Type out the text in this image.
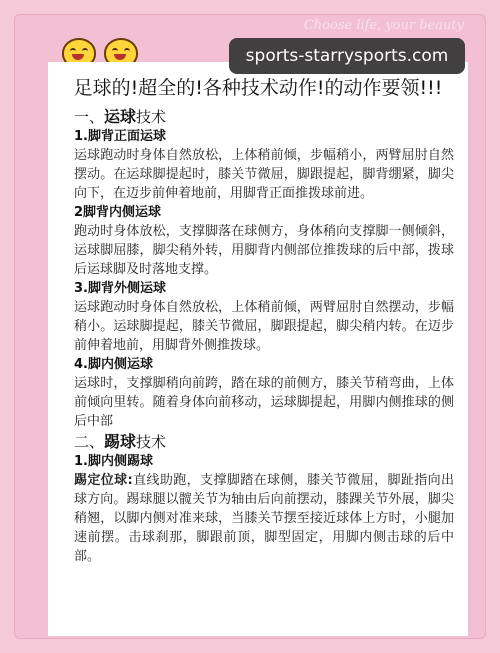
Choose life, your beauty
足球的!超全的!各种技术动作!的动作要领!!!
一、运球技术
1.脚背正面运球
运球跑动时身体自然放松，上体稍前倾，步幅稍小，两臂屈肘自然摆动。在运球脚提起时，膝关节微屈，脚跟提起，脚背绷紧，脚尖向下，在迈步前伸着地前，用脚背正面推拨球前进。
2脚背内侧运球
跑动时身体放松，支撑脚落在球侧方，身体稍向支撑脚一侧倾斜，运球脚屈膝，脚尖稍外转，用脚背内侧部位推拨球的后中部，拨球后运球脚及时落地支撑。
3.脚背外侧运球
运球跑动时身体自然放松，上体稍前倾，两臂屈肘自然摆动，步幅稍小。运球脚提起，膝关节微屈，脚跟提起，脚尖稍内转。在迈步前伸着地前，用脚背外侧推拨球。
4.脚内侧运球
运球时，支撑脚稍向前跨，踏在球的前侧方，膝关节稍弯曲，上体前倾向里转。随着身体向前移动，运球脚提起，用脚内侧推球的侧后中部
二、踢球技术
1.脚内侧踢球
踢定位球:直线助跑，支撑脚踏在球侧，膝关节微屈，脚趾指向出球方向。踢球腿以髋关节为轴由后向前摆动，膝踝关节外展，脚尖稍翘，以脚内侧对准来球，当膝关节摆至接近球体上方时，小腿加速前摆。击球刹那，脚跟前顶，脚型固定，用脚内侧击球的后中部。
sports-starrysports.com
